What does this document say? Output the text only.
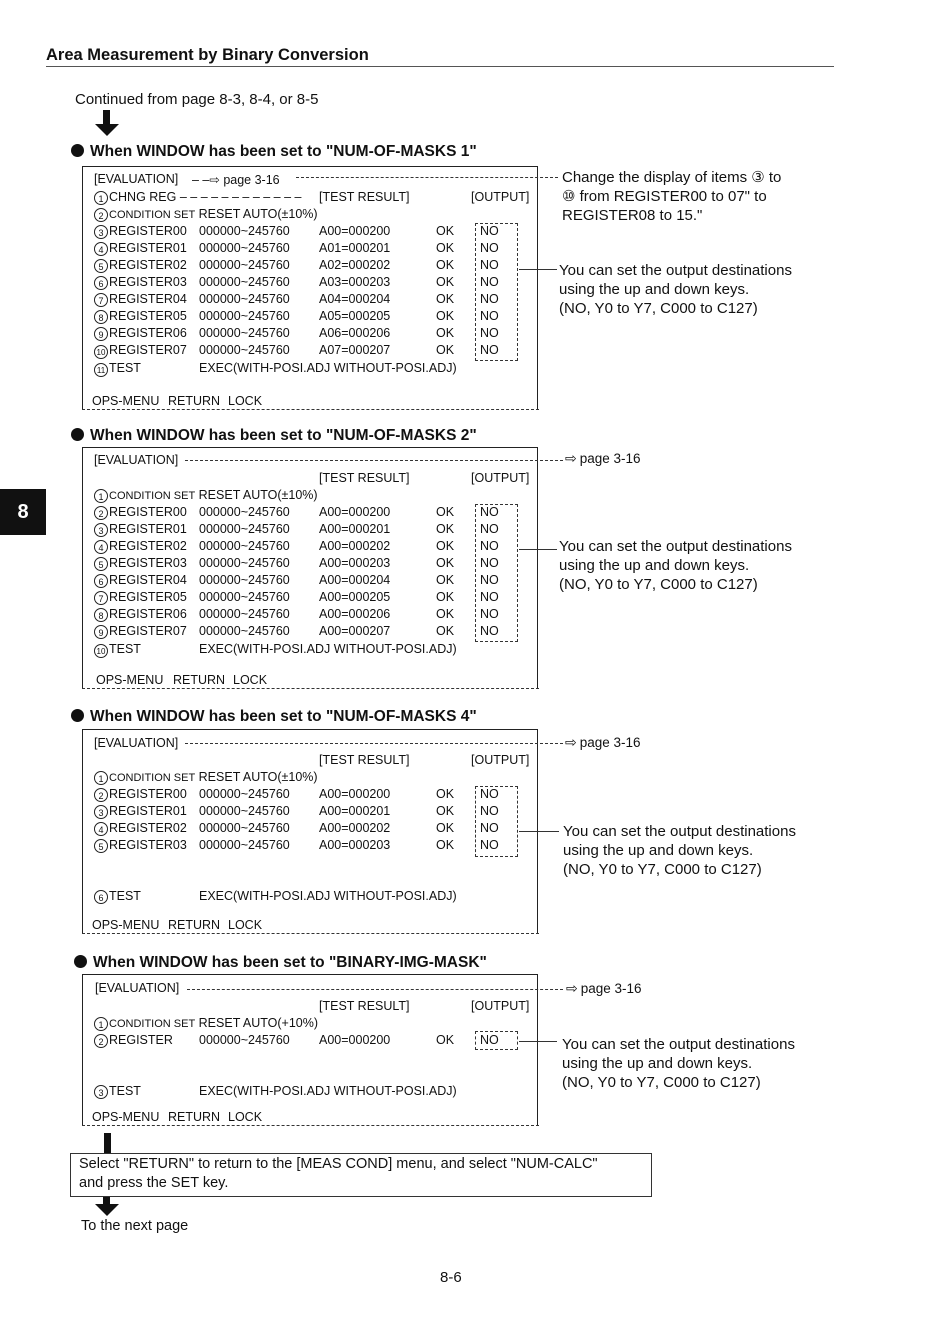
Area Measurement by Binary Conversion
Continued from page 8-3, 8-4, or 8-5
8
When WINDOW has been set to "NUM-OF-MASKS 1"
[EVALUATION] – –⇨ page 3-16
1 CHNG REG – – – – – – – – – – – – [TEST RESULT]	[OUTPUT]
2 CONDITION SET RESET AUTO(±10%)
3 REGISTER00 000000~245760 A00=000200	OK NO
4 REGISTER01 000000~245760 A01=000201	OK NO
5 REGISTER02 000000~245760 A02=000202	OK NO
6 REGISTER03 000000~245760 A03=000203	OK NO
7 REGISTER04 000000~245760 A04=000204	OK NO
8 REGISTER05 000000~245760 A05=000205	OK NO
9 REGISTER06 000000~245760 A06=000206	OK NO
10 REGISTER07 000000~245760 A07=000207	OK NO
11 TEST	EXEC(WITH-POSI.ADJ WITHOUT-POSI.ADJ)
OPS-MENU RETURN LOCK
Change the display of items ③ to
⑩ from REGISTER00 to 07" to
REGISTER08 to 15."
You can set the output destinations
using the up and down keys.
(NO, Y0 to Y7, C000 to C127)
When WINDOW has been set to "NUM-OF-MASKS 2"
[EVALUATION]
[TEST RESULT]	[OUTPUT]
1 CONDITION SET RESET AUTO(±10%)
2 REGISTER00 000000~245760 A00=000200	OK NO
3 REGISTER01 000000~245760 A00=000201	OK NO
4 REGISTER02 000000~245760 A00=000202	OK NO
5 REGISTER03 000000~245760 A00=000203	OK NO
6 REGISTER04 000000~245760 A00=000204	OK NO
7 REGISTER05 000000~245760 A00=000205	OK NO
8 REGISTER06 000000~245760 A00=000206	OK NO
9 REGISTER07 000000~245760 A00=000207	OK NO
10 TEST	EXEC(WITH-POSI.ADJ WITHOUT-POSI.ADJ)
OPS-MENU RETURN LOCK
⇨ page 3-16
You can set the output destinations
using the up and down keys.
(NO, Y0 to Y7, C000 to C127)
When WINDOW has been set to "NUM-OF-MASKS 4"
[EVALUATION]
[TEST RESULT]	[OUTPUT]
1 CONDITION SET RESET AUTO(±10%)
2 REGISTER00 000000~245760 A00=000200	OK NO
3 REGISTER01 000000~245760 A00=000201	OK NO
4 REGISTER02 000000~245760 A00=000202	OK NO
5 REGISTER03 000000~245760 A00=000203	OK NO
6 TEST	EXEC(WITH-POSI.ADJ WITHOUT-POSI.ADJ)
OPS-MENU RETURN LOCK
⇨ page 3-16
You can set the output destinations
using the up and down keys.
(NO, Y0 to Y7, C000 to C127)
When WINDOW has been set to "BINARY-IMG-MASK"
[EVALUATION]
[TEST RESULT]	[OUTPUT]
1 CONDITION SET RESET AUTO(+10%)
2 REGISTER 000000~245760 A00=000200	OK NO
3 TEST	EXEC(WITH-POSI.ADJ WITHOUT-POSI.ADJ)
OPS-MENU RETURN LOCK
⇨ page 3-16
You can set the output destinations
using the up and down keys.
(NO, Y0 to Y7, C000 to C127)
Select "RETURN" to return to the [MEAS COND] menu, and select "NUM-CALC"
and press the SET key.
To the next page
8-6
